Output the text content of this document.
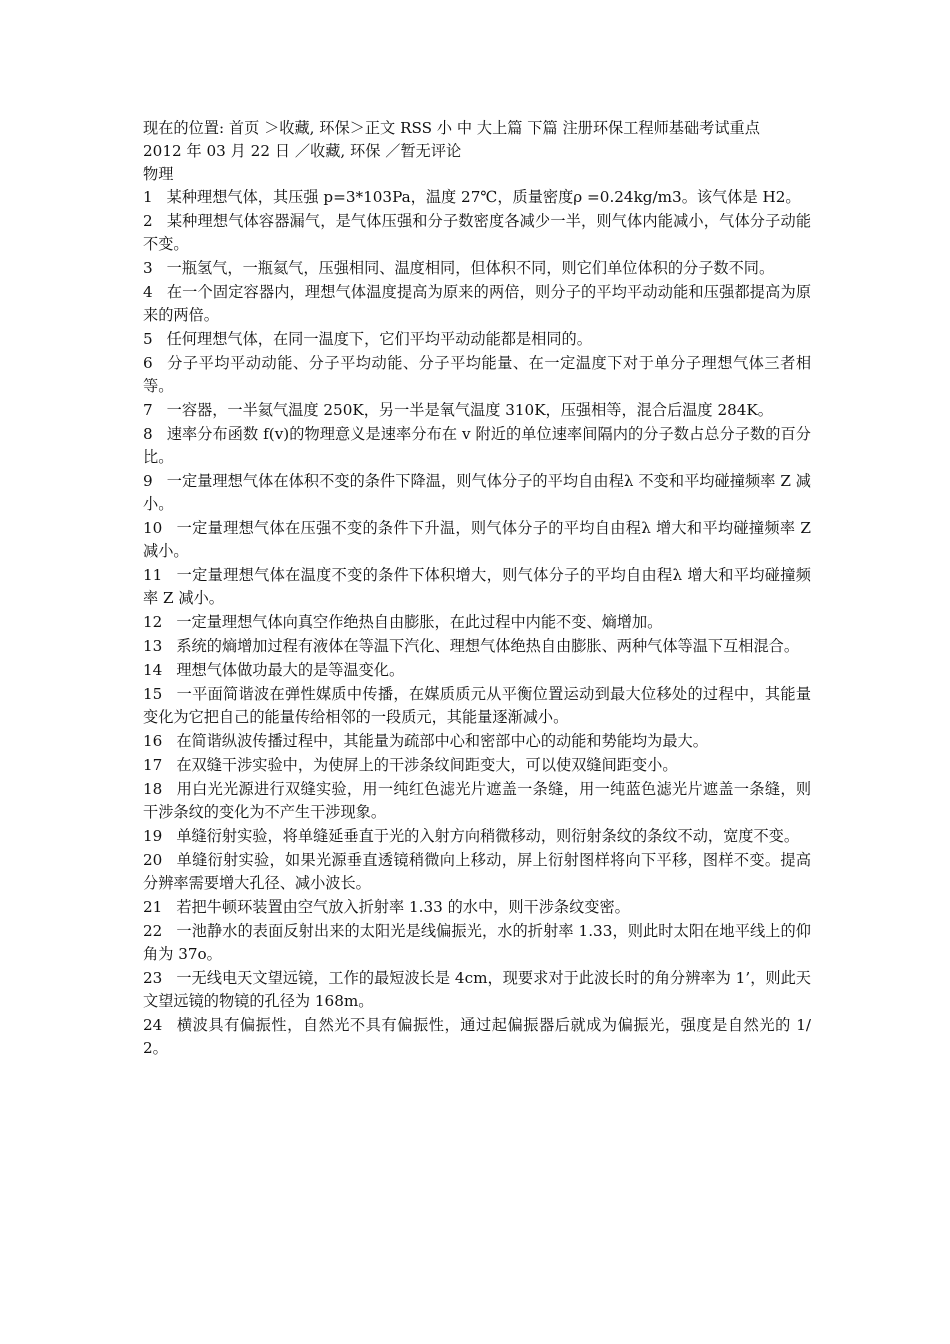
现在的位置: 首页 ＞收藏, 环保＞正文 RSS 小 中 大上篇 下篇 注册环保工程师基础考试重点
2012 年 03 月 22 日 ／收藏, 环保 ／暂无评论
物理

1 某种理想气体，其压强 p=3*103Pa，温度 27℃，质量密度ρ =0.24kg/m3。该气体是 H2。

2 某种理想气体容器漏气，是气体压强和分子数密度各减少一半，则气体内能减小，气体分子动能不变。

3 一瓶氢气，一瓶氦气，压强相同、温度相同，但体积不同，则它们单位体积的分子数不同。

4 在一个固定容器内，理想气体温度提高为原来的两倍，则分子的平均平动动能和压强都提高为原来的两倍。

5 任何理想气体，在同一温度下，它们平均平动动能都是相同的。

6 分子平均平动动能、分子平均动能、分子平均能量、在一定温度下对于单分子理想气体三者相等。

7 一容器，一半氦气温度 250K，另一半是氧气温度 310K，压强相等，混合后温度 284K。

8 速率分布函数 f(v)的物理意义是速率分布在 v 附近的单位速率间隔内的分子数占总分子数的百分比。

9 一定量理想气体在体积不变的条件下降温，则气体分子的平均自由程λ 不变和平均碰撞频率 Z 减小。

10 一定量理想气体在压强不变的条件下升温，则气体分子的平均自由程λ 增大和平均碰撞频率 Z 减小。

11 一定量理想气体在温度不变的条件下体积增大，则气体分子的平均自由程λ 增大和平均碰撞频率 Z 减小。

12 一定量理想气体向真空作绝热自由膨胀，在此过程中内能不变、熵增加。

13 系统的熵增加过程有液体在等温下汽化、理想气体绝热自由膨胀、两种气体等温下互相混合。

14 理想气体做功最大的是等温变化。

15 一平面简谐波在弹性媒质中传播，在媒质质元从平衡位置运动到最大位移处的过程中，其能量变化为它把自己的能量传给相邻的一段质元，其能量逐渐减小。

16 在简谐纵波传播过程中，其能量为疏部中心和密部中心的动能和势能均为最大。

17 在双缝干涉实验中，为使屏上的干涉条纹间距变大，可以使双缝间距变小。

18 用白光光源进行双缝实验，用一纯红色滤光片遮盖一条缝，用一纯蓝色滤光片遮盖一条缝，则干涉条纹的变化为不产生干涉现象。

19 单缝衍射实验，将单缝延垂直于光的入射方向稍微移动，则衍射条纹的条纹不动，宽度不变。

20 单缝衍射实验，如果光源垂直透镜稍微向上移动，屏上衍射图样将向下平移，图样不变。提高分辨率需要增大孔径、减小波长。

21 若把牛顿环装置由空气放入折射率 1.33 的水中，则干涉条纹变密。

22 一池静水的表面反射出来的太阳光是线偏振光，水的折射率 1.33，则此时太阳在地平线上的仰角为 37o。

23 一无线电天文望远镜，工作的最短波长是 4cm，现要求对于此波长时的角分辨率为 1’，则此天文望远镜的物镜的孔径为 168m。

24 横波具有偏振性，自然光不具有偏振性，通过起偏振器后就成为偏振光，强度是自然光的 1/2。
